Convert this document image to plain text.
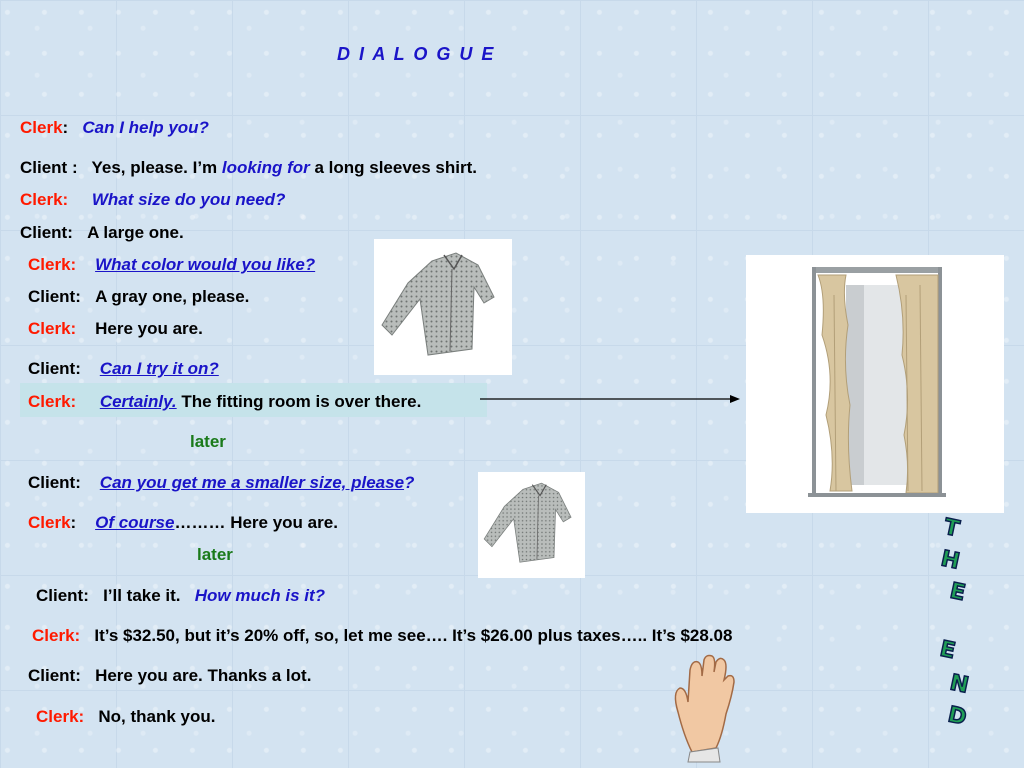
D I A L O G U E
Clerk: Can I help you?
Client : Yes, please. I’m looking for a long sleeves shirt.
Clerk: What size do you need?
Client: A large one.
Clerk: What color would you like?
Client: A gray one, please.
Clerk: Here you are.
Client: Can I try it on?
Clerk: Certainly. The fitting room is over there.
later
Client: Can you get me a smaller size, please?
Clerk: Of course……… Here you are.
later
Client: I’ll take it. How much is it?
Clerk: It’s $32.50, but it’s 20% off, so, let me see…. It’s $26.00 plus taxes….. It’s $28.08
Client: Here you are. Thanks a lot.
Clerk: No, thank you.
T
H
E
E
N
D
